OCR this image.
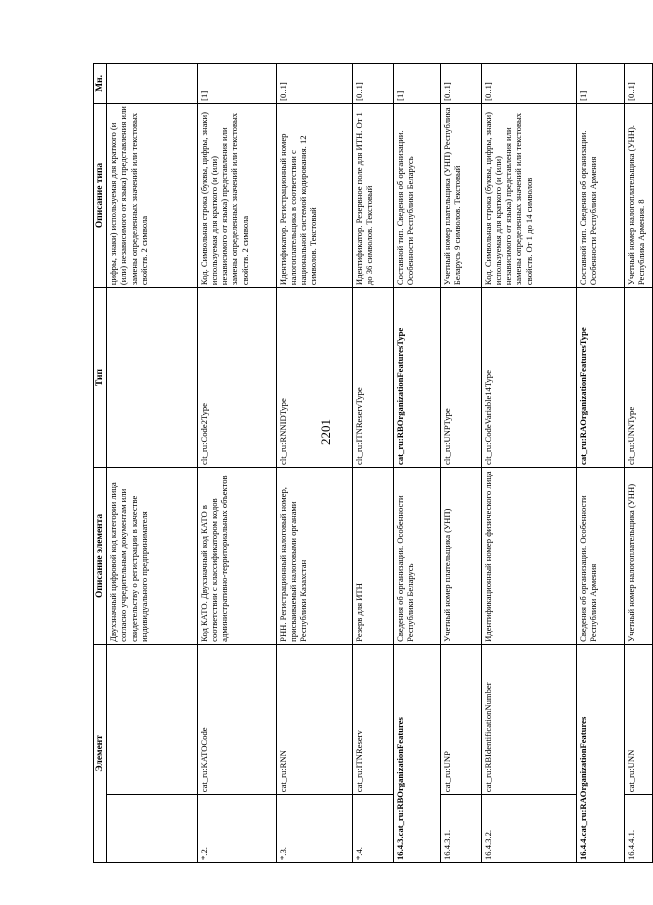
2201
Элемент		Описание элемента	Тип	Описание типа	Мн.
		Двухзначный цифровой код категории лица согласно учредительным документам или свидетельству о регистрации в качестве индивидуального предпринимателя		цифры, знаки) используемая для краткого (и (или) независимого от языка) представления или замены определенных значений или текстовых свойств. 2 символа	
*.2.	cat_ru:KATOCode	Код КАТО. Двухзначный код КАТО в соответствии с классификатором кодов административно-территориальных объектов	clt_ru:Code2Type	Код. Символьная строка (буквы, цифры, знаки) используемая для краткого (и (или) независимого от языка) представления или замены определенных значений или текстовых свойств. 2 символа	[1]
*.3.	cat_ru:RNN	РНН. Регистрационный налоговый номер, присваиваемый налоговыми органами Республики Казахстан	clt_ru:RNNIDType	Идентификатор. Регистрационный номер налогоплательщика в соответствии с национальной системой кодирования. 12 символов. Текстовый	[0..1]
*.4.	cat_ru:ITNReserv	Резерв для ИТН	clt_ru:ITNReservType	Идентификатор. Резервное поле для ИТН. От 1 до 36 символов. Текстовый	[0..1]
16.4.3.cat_ru:RBOrganizationFeatures		Сведения об организации. Особенности Республики Беларусь	cat_ru:RBOrganizationFeaturesType	Составной тип. Сведения об организации. Особенности Республики Беларусь	[1]
16.4.3.1.	cat_ru:UNP	Учетный номер плательщика (УНП)	clt_ru:UNPType	Учетный номер плательщика (УНП) Республика Беларусь 9 символов. Текстовый	[0..1]
16.4.3.2.	cat_ru:RBIdentificationNumber	Идентификационный номер физического лица	clt_ru:CodeVariable14Type	Код. Символьная строка (буквы, цифры, знаки) используемая для краткого (и (или) независимого от языка) представления или замены определенных значений или текстовых свойств. От 1 до 14 символов	[0..1]
16.4.4.cat_ru:RAOrganizationFeatures		Сведения об организации. Особенности Республики Армения	cat_ru:RAOrganizationFeaturesType	Составной тип. Сведения об организации. Особенности Республики Армения	[1]
16.4.4.1.	cat_ru:UNN	Учетный номер налогоплательщика (УНН)	clt_ru:UNNType	Учетный номер налогоплательщика (УНН). Республика Армения. 8	[0..1]
